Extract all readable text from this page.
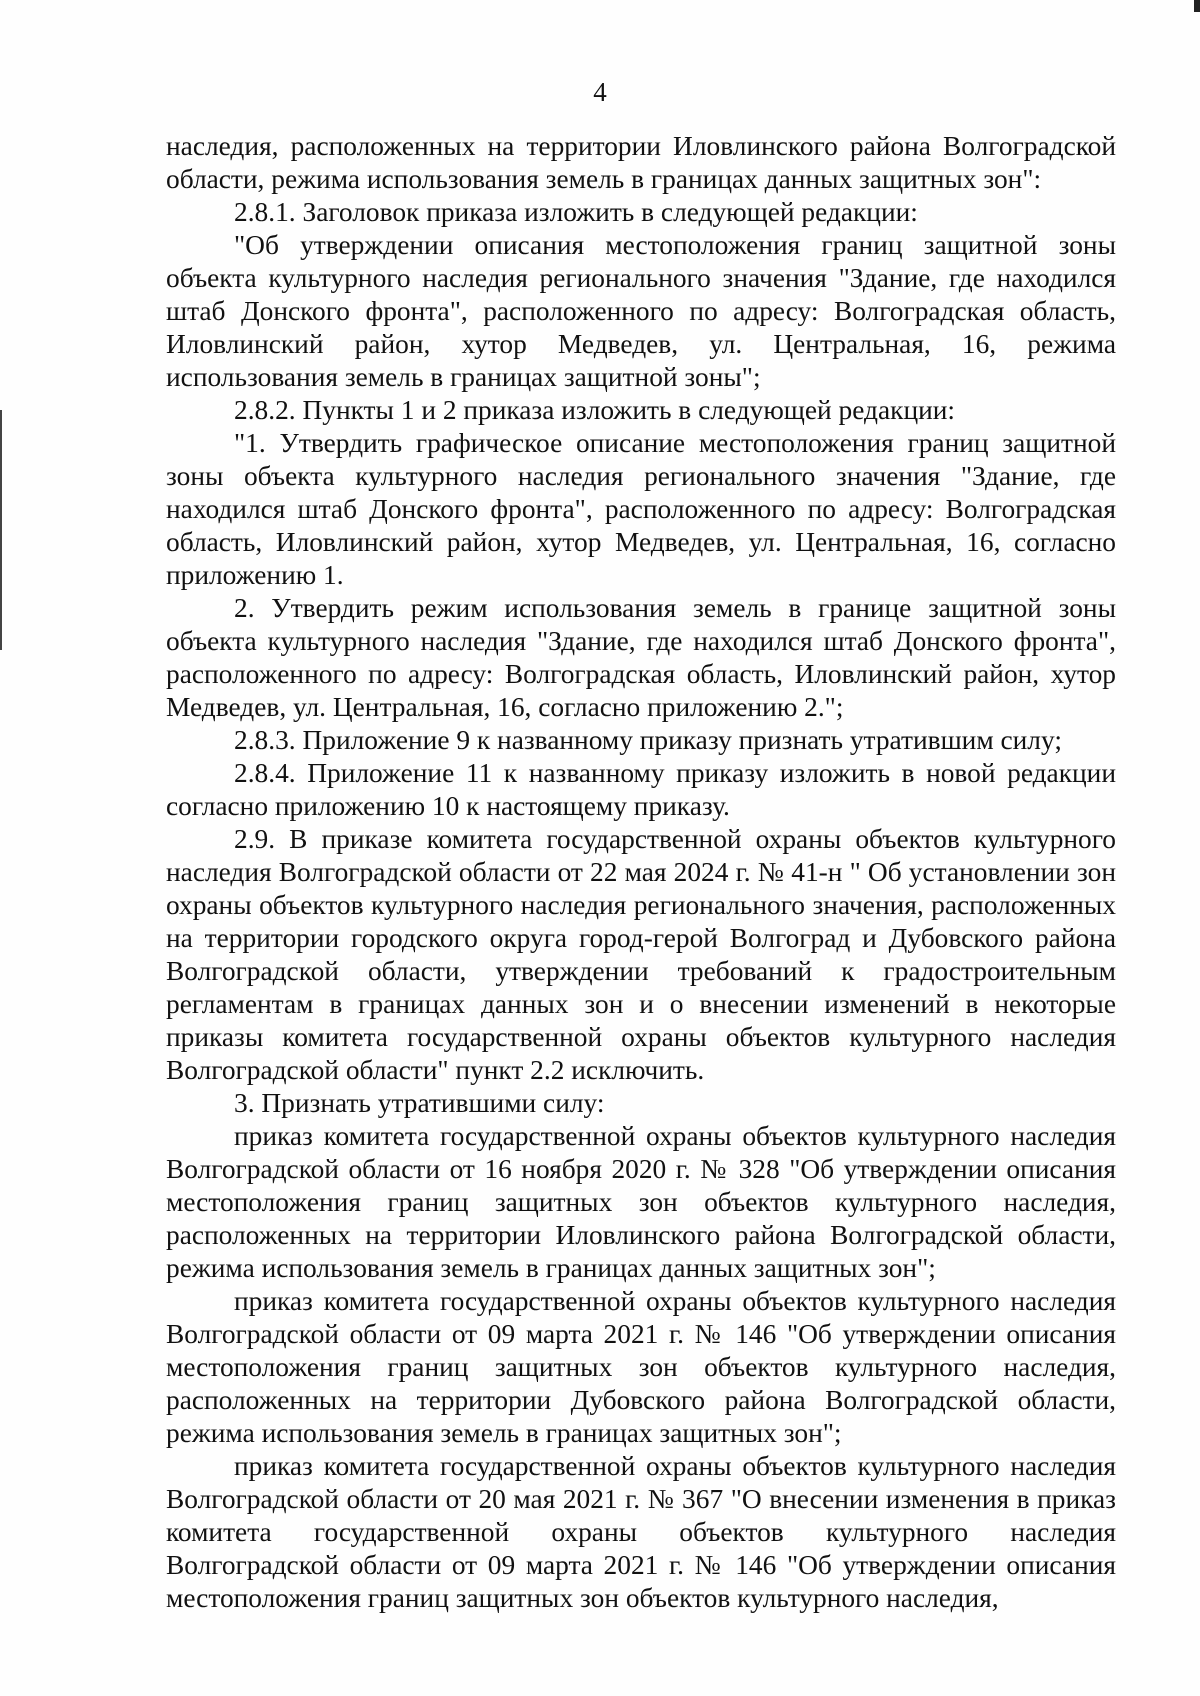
4

наследия, расположенных на территории Иловлинского района Волгоградской области, режима использования земель в границах данных защитных зон":

2.8.1. Заголовок приказа изложить в следующей редакции:

"Об утверждении описания местоположения границ защитной зоны объекта культурного наследия регионального значения "Здание, где находился штаб Донского фронта", расположенного по адресу: Волгоградская область, Иловлинский район, хутор Медведев, ул. Центральная, 16, режима использования земель в границах защитной зоны";

2.8.2. Пункты 1 и 2 приказа изложить в следующей редакции:

"1. Утвердить графическое описание местоположения границ защитной зоны объекта культурного наследия регионального значения "Здание, где находился штаб Донского фронта", расположенного по адресу: Волгоградская область, Иловлинский район, хутор Медведев, ул. Центральная, 16, согласно приложению 1.

2. Утвердить режим использования земель в границе защитной зоны объекта культурного наследия "Здание, где находился штаб Донского фронта", расположенного по адресу: Волгоградская область, Иловлинский район, хутор Медведев, ул. Центральная, 16, согласно приложению 2.";

2.8.3. Приложение 9 к названному приказу признать утратившим силу;

2.8.4. Приложение 11 к названному приказу изложить в новой редакции согласно приложению 10 к настоящему приказу.

2.9. В приказе комитета государственной охраны объектов культурного наследия Волгоградской области от 22 мая 2024 г. № 41-н " Об установлении зон охраны объектов культурного наследия регионального значения, расположенных на территории городского округа город-герой Волгоград и Дубовского района Волгоградской области, утверждении требований к градостроительным регламентам в границах данных зон и о внесении изменений в некоторые приказы комитета государственной охраны объектов культурного наследия Волгоградской области" пункт 2.2 исключить.

3. Признать утратившими силу:

приказ комитета государственной охраны объектов культурного наследия Волгоградской области от 16 ноября 2020 г. № 328 "Об утверждении описания местоположения границ защитных зон объектов культурного наследия, расположенных на территории Иловлинского района Волгоградской области, режима использования земель в границах данных защитных зон";

приказ комитета государственной охраны объектов культурного наследия Волгоградской области от 09 марта 2021 г. № 146 "Об утверждении описания местоположения границ защитных зон объектов культурного наследия, расположенных на территории Дубовского района Волгоградской области, режима использования земель в границах защитных зон";

приказ комитета государственной охраны объектов культурного наследия Волгоградской области от 20 мая 2021 г. № 367 "О внесении изменения в приказ комитета государственной охраны объектов культурного наследия Волгоградской области от 09 марта 2021 г. № 146 "Об утверждении описания местоположения границ защитных зон объектов культурного наследия,
